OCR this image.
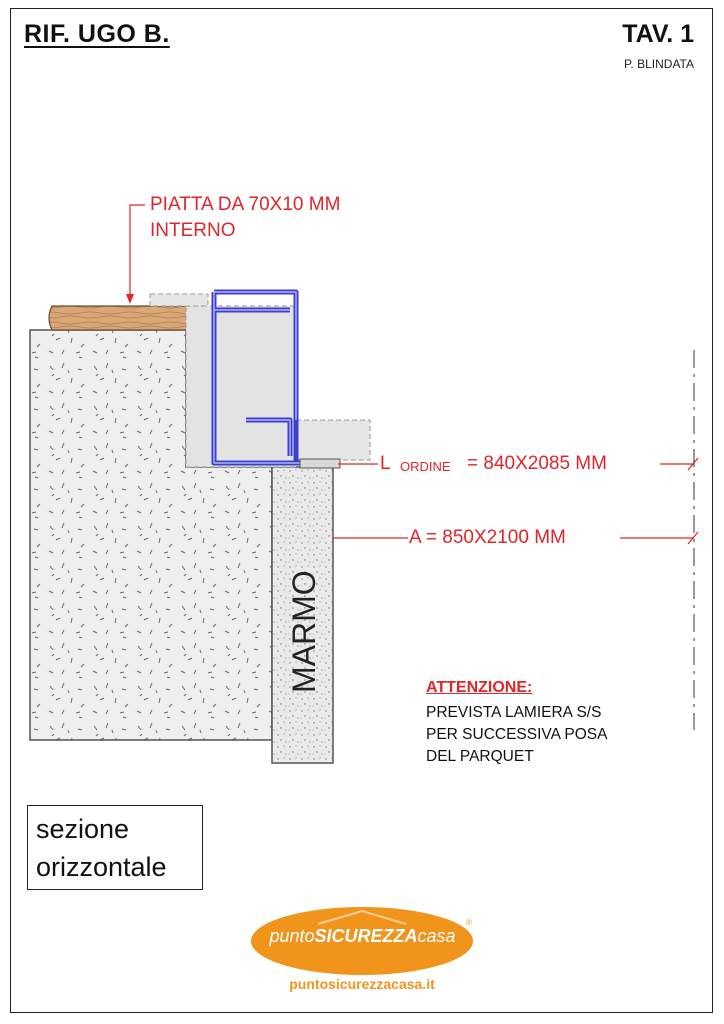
RIF. UGO B.	TAV. 1
P. BLINDATA
PIATTA DA 70X10 MM
INTERNO
L ORDINE = 840X2085 MM
A = 850X2100 MM
ATTENZIONE:
PREVISTA LAMIERA S/S
PER SUCCESSIVA POSA
DEL PARQUET
sezione
orizzontale
puntoSICUREZZAcasa
®
puntosicurezzacasa.it
